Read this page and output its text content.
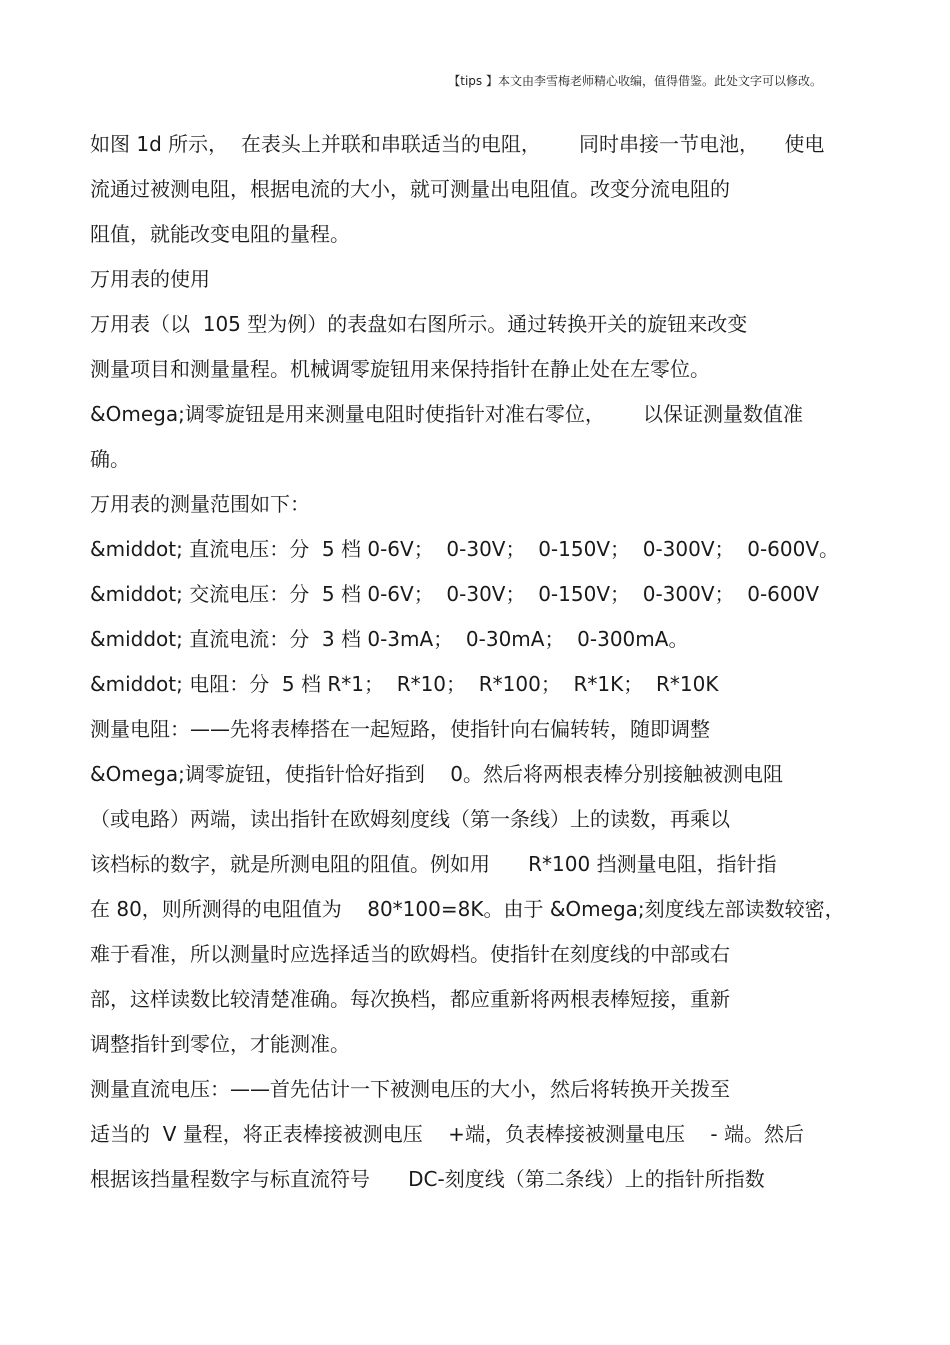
【tips 】本文由李雪梅老师精心收编，值得借鉴。此处文字可以修改。
如图 1d 所示，  在表头上并联和串联适当的电阻，      同时串接一节电池，    使电
流通过被测电阻，根据电流的大小，就可测量出电阻值。改变分流电阻的
阻值，就能改变电阻的量程。
万用表的使用
万用表（以  105 型为例）的表盘如右图所示。通过转换开关的旋钮来改变
测量项目和测量量程。机械调零旋钮用来保持指针在静止处在左零位。
&Omega;调零旋钮是用来测量电阻时使指针对准右零位，      以保证测量数值准
确。
万用表的测量范围如下：
&middot; 直流电压：分  5 档 0-6V；  0-30V；  0-150V；  0-300V；  0-600V。
&middot; 交流电压：分  5 档 0-6V；  0-30V；  0-150V；  0-300V；  0-600V
&middot; 直流电流：分  3 档 0-3mA；  0-30mA；  0-300mA。
&middot; 电阻：分  5 档 R*1；  R*10；  R*100；  R*1K；  R*10K
测量电阻：——先将表棒搭在一起短路，使指针向右偏转转，随即调整
&Omega;调零旋钮，使指针恰好指到    0。然后将两根表棒分别接触被测电阻
（或电路）两端，读出指针在欧姆刻度线（第一条线）上的读数，再乘以
该档标的数字，就是所测电阻的阻值。例如用      R*100 挡测量电阻，指针指
在 80，则所测得的电阻值为    80*100=8K。由于 &Omega;刻度线左部读数较密，
难于看准，所以测量时应选择适当的欧姆档。使指针在刻度线的中部或右
部，这样读数比较清楚准确。每次换档，都应重新将两根表棒短接，重新
调整指针到零位，才能测准。
测量直流电压：——首先估计一下被测电压的大小，然后将转换开关拨至
适当的  V 量程，将正表棒接被测电压    +端，负表棒接被测量电压    - 端。然后
根据该挡量程数字与标直流符号      DC-刻度线（第二条线）上的指针所指数
